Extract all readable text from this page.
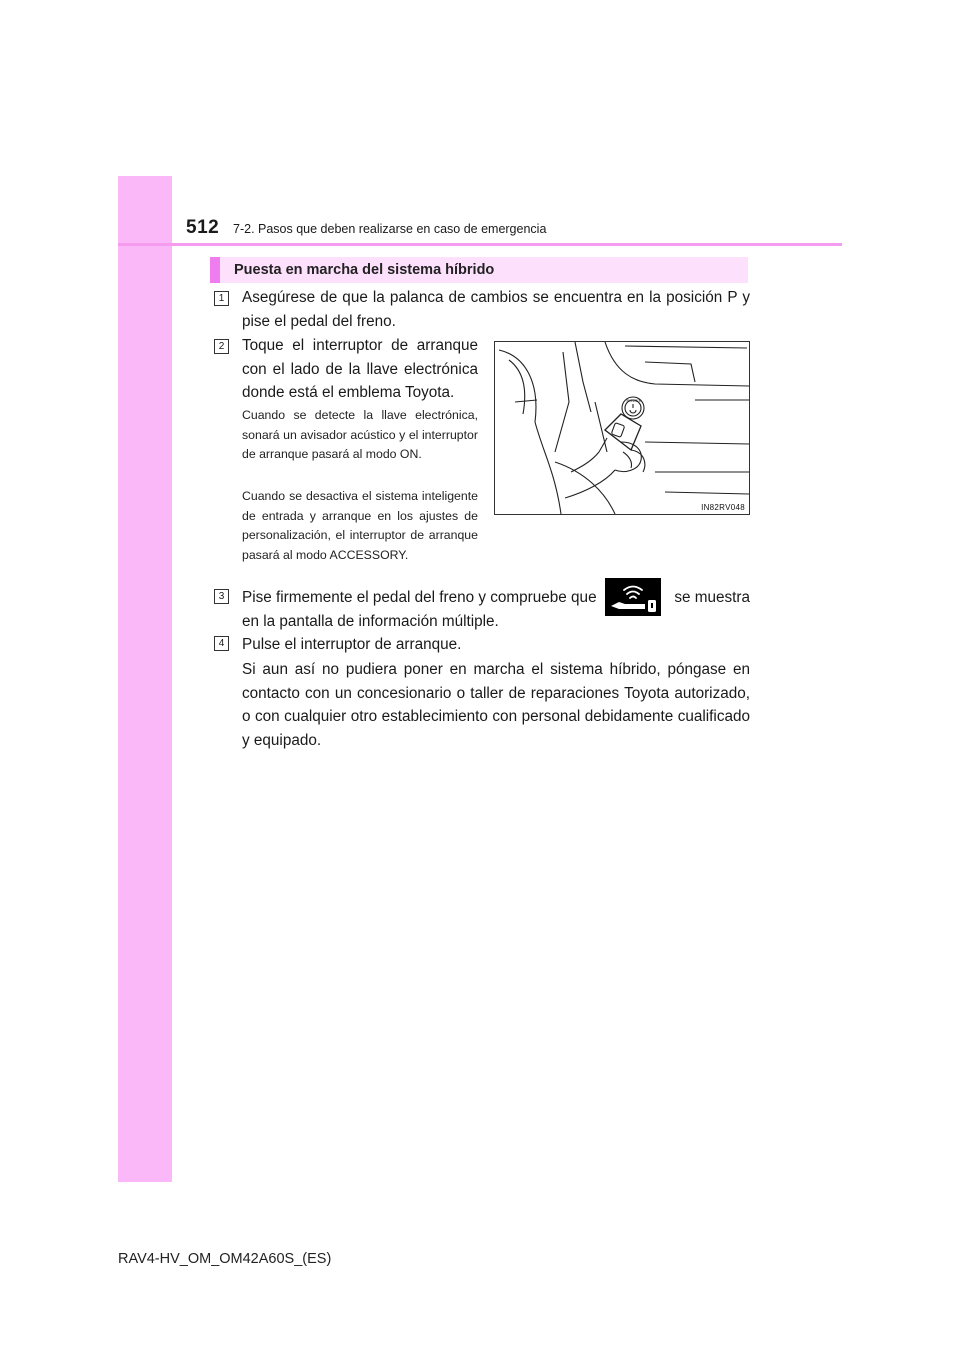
512 7-2. Pasos que deben realizarse en caso de emergencia
Puesta en marcha del sistema híbrido
1	Asegúrese de que la palanca de cambios se encuentra en la posición P y pise el pedal del freno.
2	Toque el interruptor de arranque con el lado de la llave electrónica donde está el emblema Toyota.
Cuando se detecte la llave electrónica, sonará un avisador acústico y el interruptor de arranque pasará al modo ON.
Cuando se desactiva el sistema inteligente de entrada y arranque en los ajustes de personalización, el interruptor de arranque pasará al modo ACCESSORY.
POWER
IN82RV048
3	Pise firmemente el pedal del freno y compruebe que	se muestra
en la pantalla de información múltiple.
4	Pulse el interruptor de arranque.
Si aun así no pudiera poner en marcha el sistema híbrido, póngase en contacto con un concesionario o taller de reparaciones Toyota autorizado, o con cualquier otro establecimiento con personal debidamente cualificado y equipado.
RAV4-HV_OM_OM42A60S_(ES)
